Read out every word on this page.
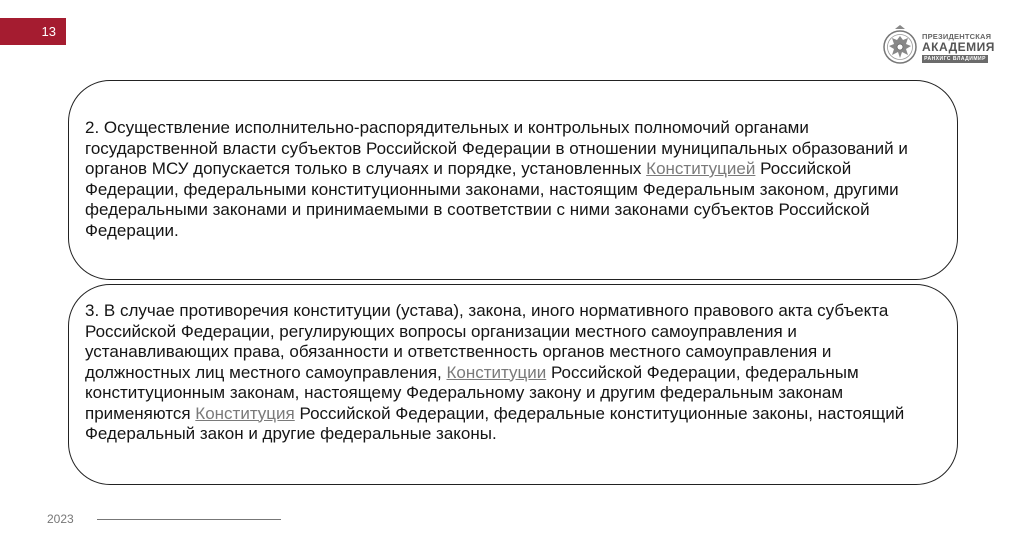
13	ПРЕЗИДЕНТСКАЯ
АКАДЕМИЯ
РАНХИГС ВЛАДИМИР
2. Осуществление исполнительно-распорядительных и контрольных полномочий органами государственной власти субъектов Российской Федерации в отношении муниципальных образований и органов МСУ допускается только в случаях и порядке, установленных Конституцией Российской Федерации, федеральными конституционными законами, настоящим Федеральным законом, другими федеральными законами и принимаемыми в соответствии с ними законами субъектов Российской Федерации.
3. В случае противоречия конституции (устава), закона, иного нормативного правового акта субъекта Российской Федерации, регулирующих вопросы организации местного самоуправления и устанавливающих права, обязанности и ответственность органов местного самоуправления и должностных лиц местного самоуправления, Конституции Российской Федерации, федеральным конституционным законам, настоящему Федеральному закону и другим федеральным законам применяются Конституция Российской Федерации, федеральные конституционные законы, настоящий Федеральный закон и другие федеральные законы.
2023
